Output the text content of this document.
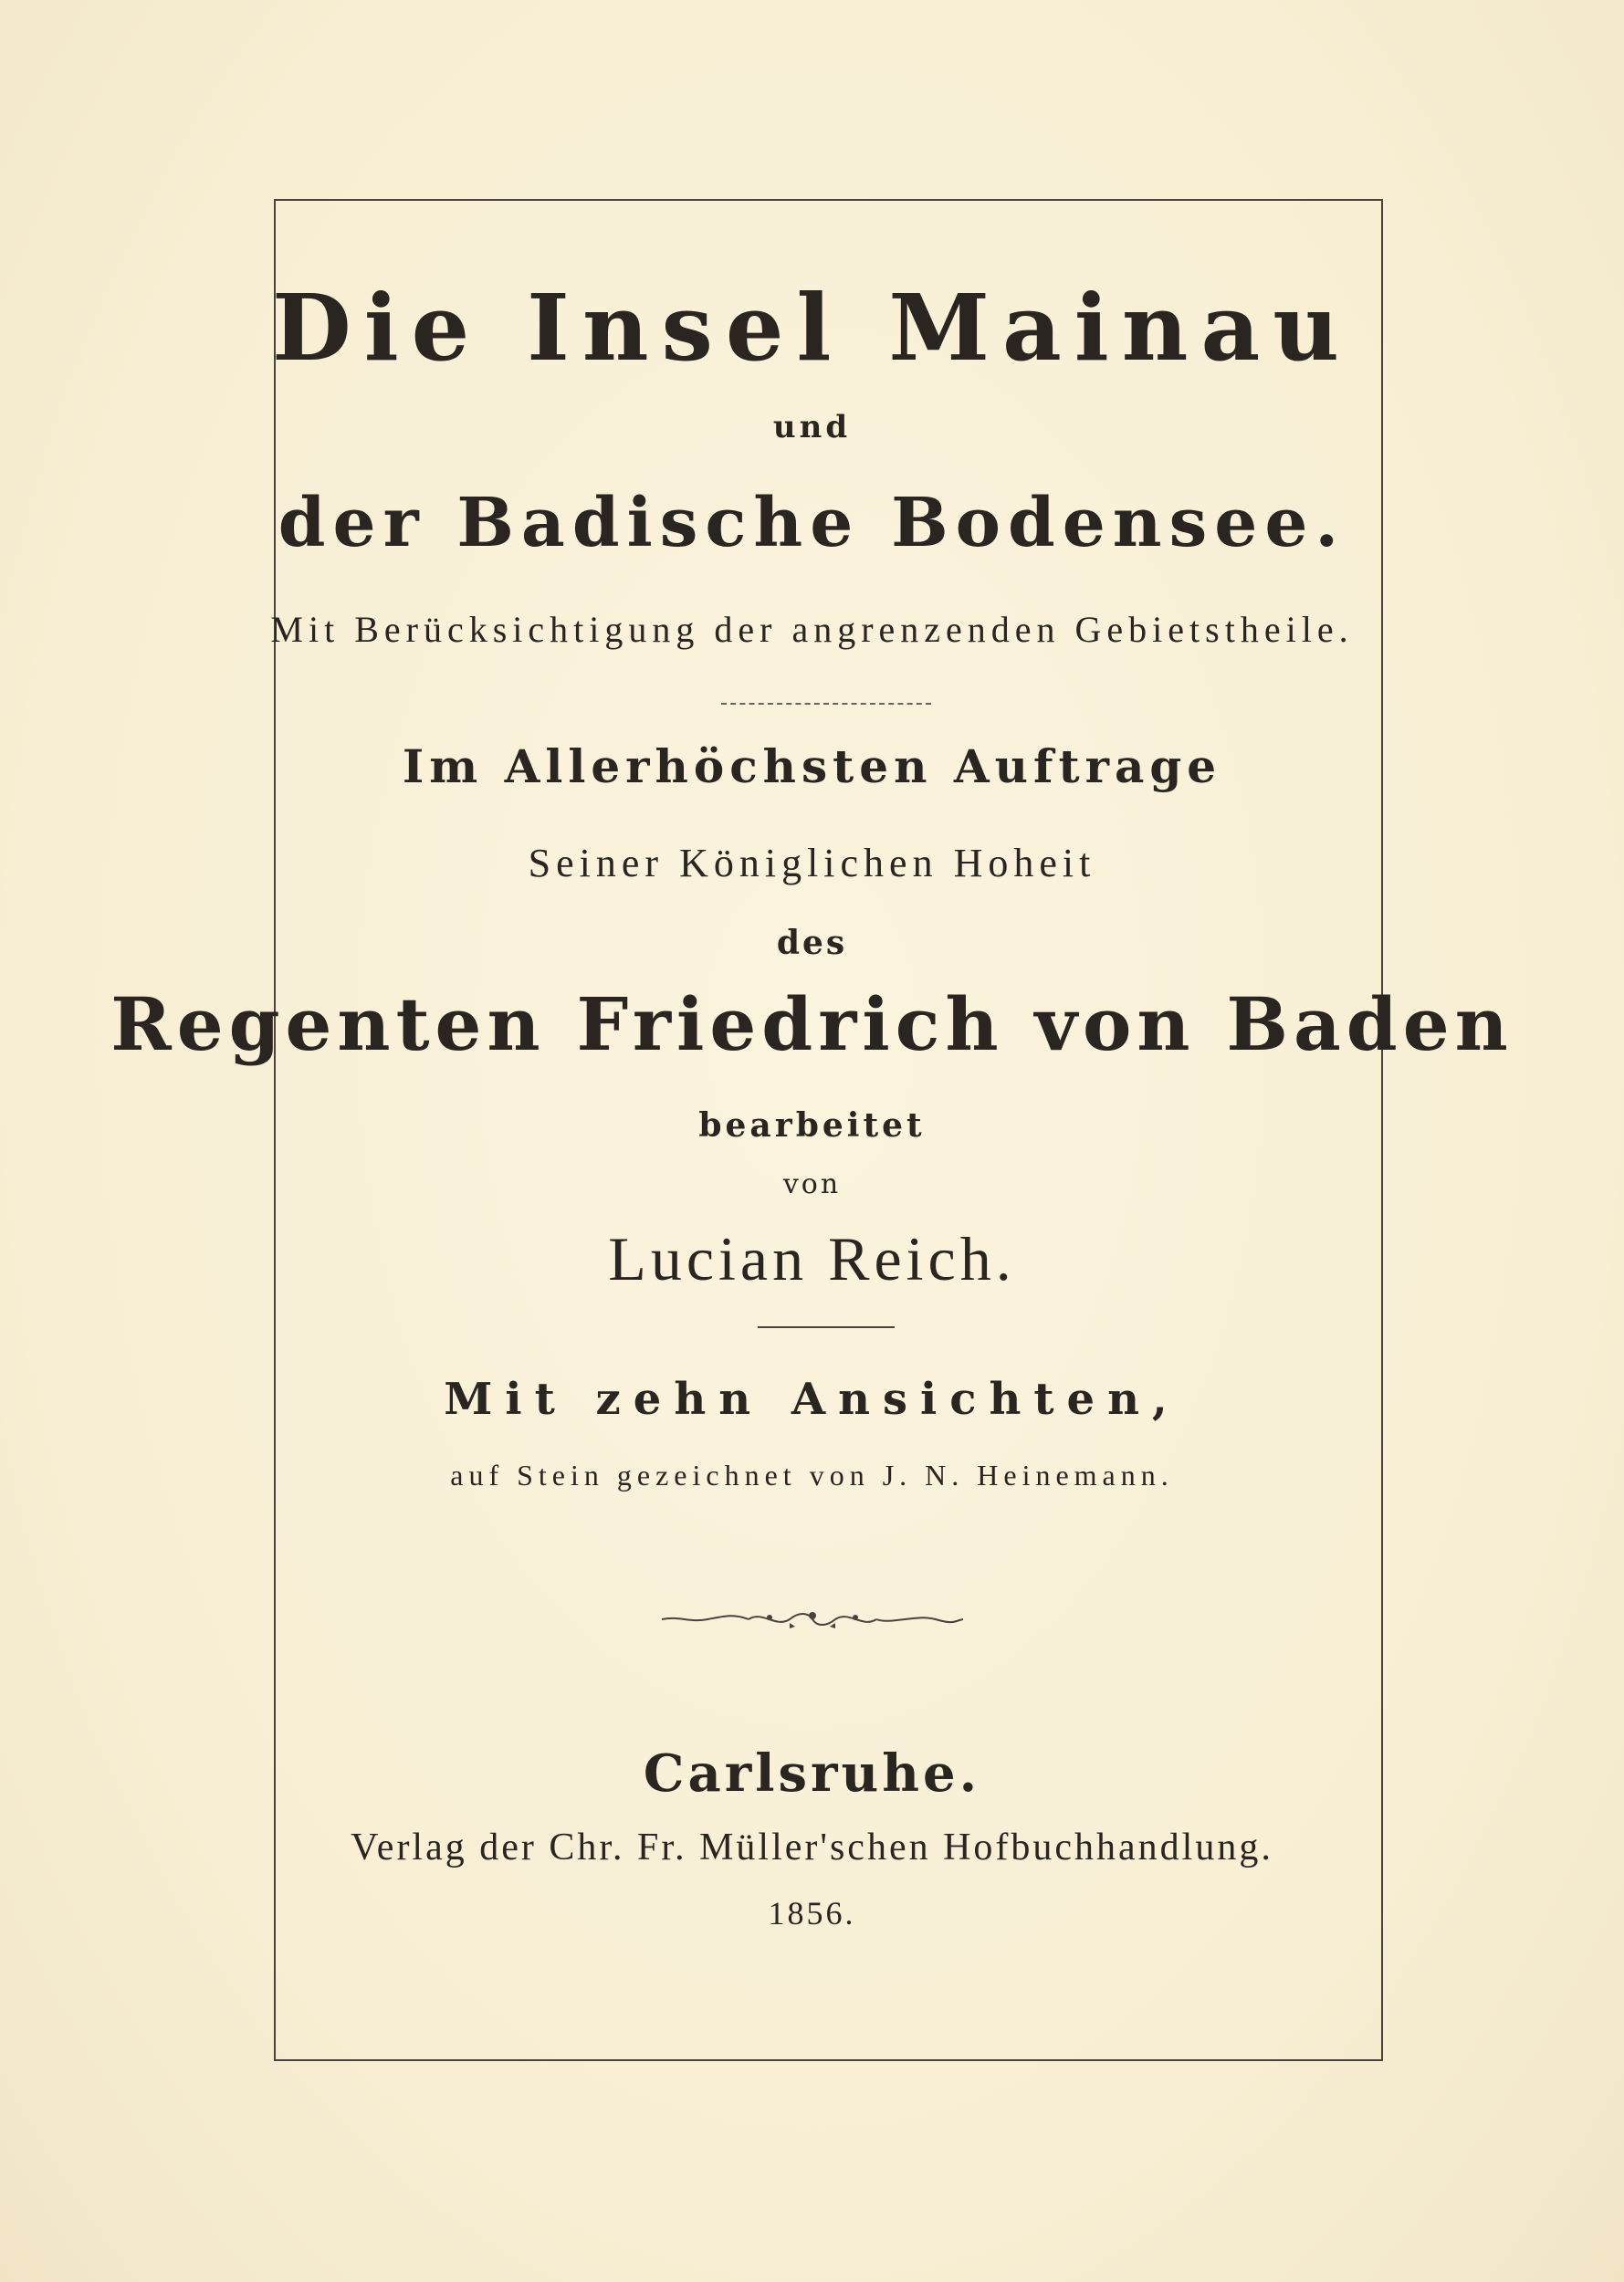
Die Insel Mainau
und
der Badische Bodensee.
Mit Berücksichtigung der angrenzenden Gebietstheile.
Im Allerhöchsten Auftrage
Seiner Königlichen Hoheit
des
Regenten Friedrich von Baden
bearbeitet
von
Lucian Reich.
Mit zehn Ansichten,
auf Stein gezeichnet von J. N. Heinemann.
Carlsruhe.
Verlag der Chr. Fr. Müller'schen Hofbuchhandlung.
1856.
